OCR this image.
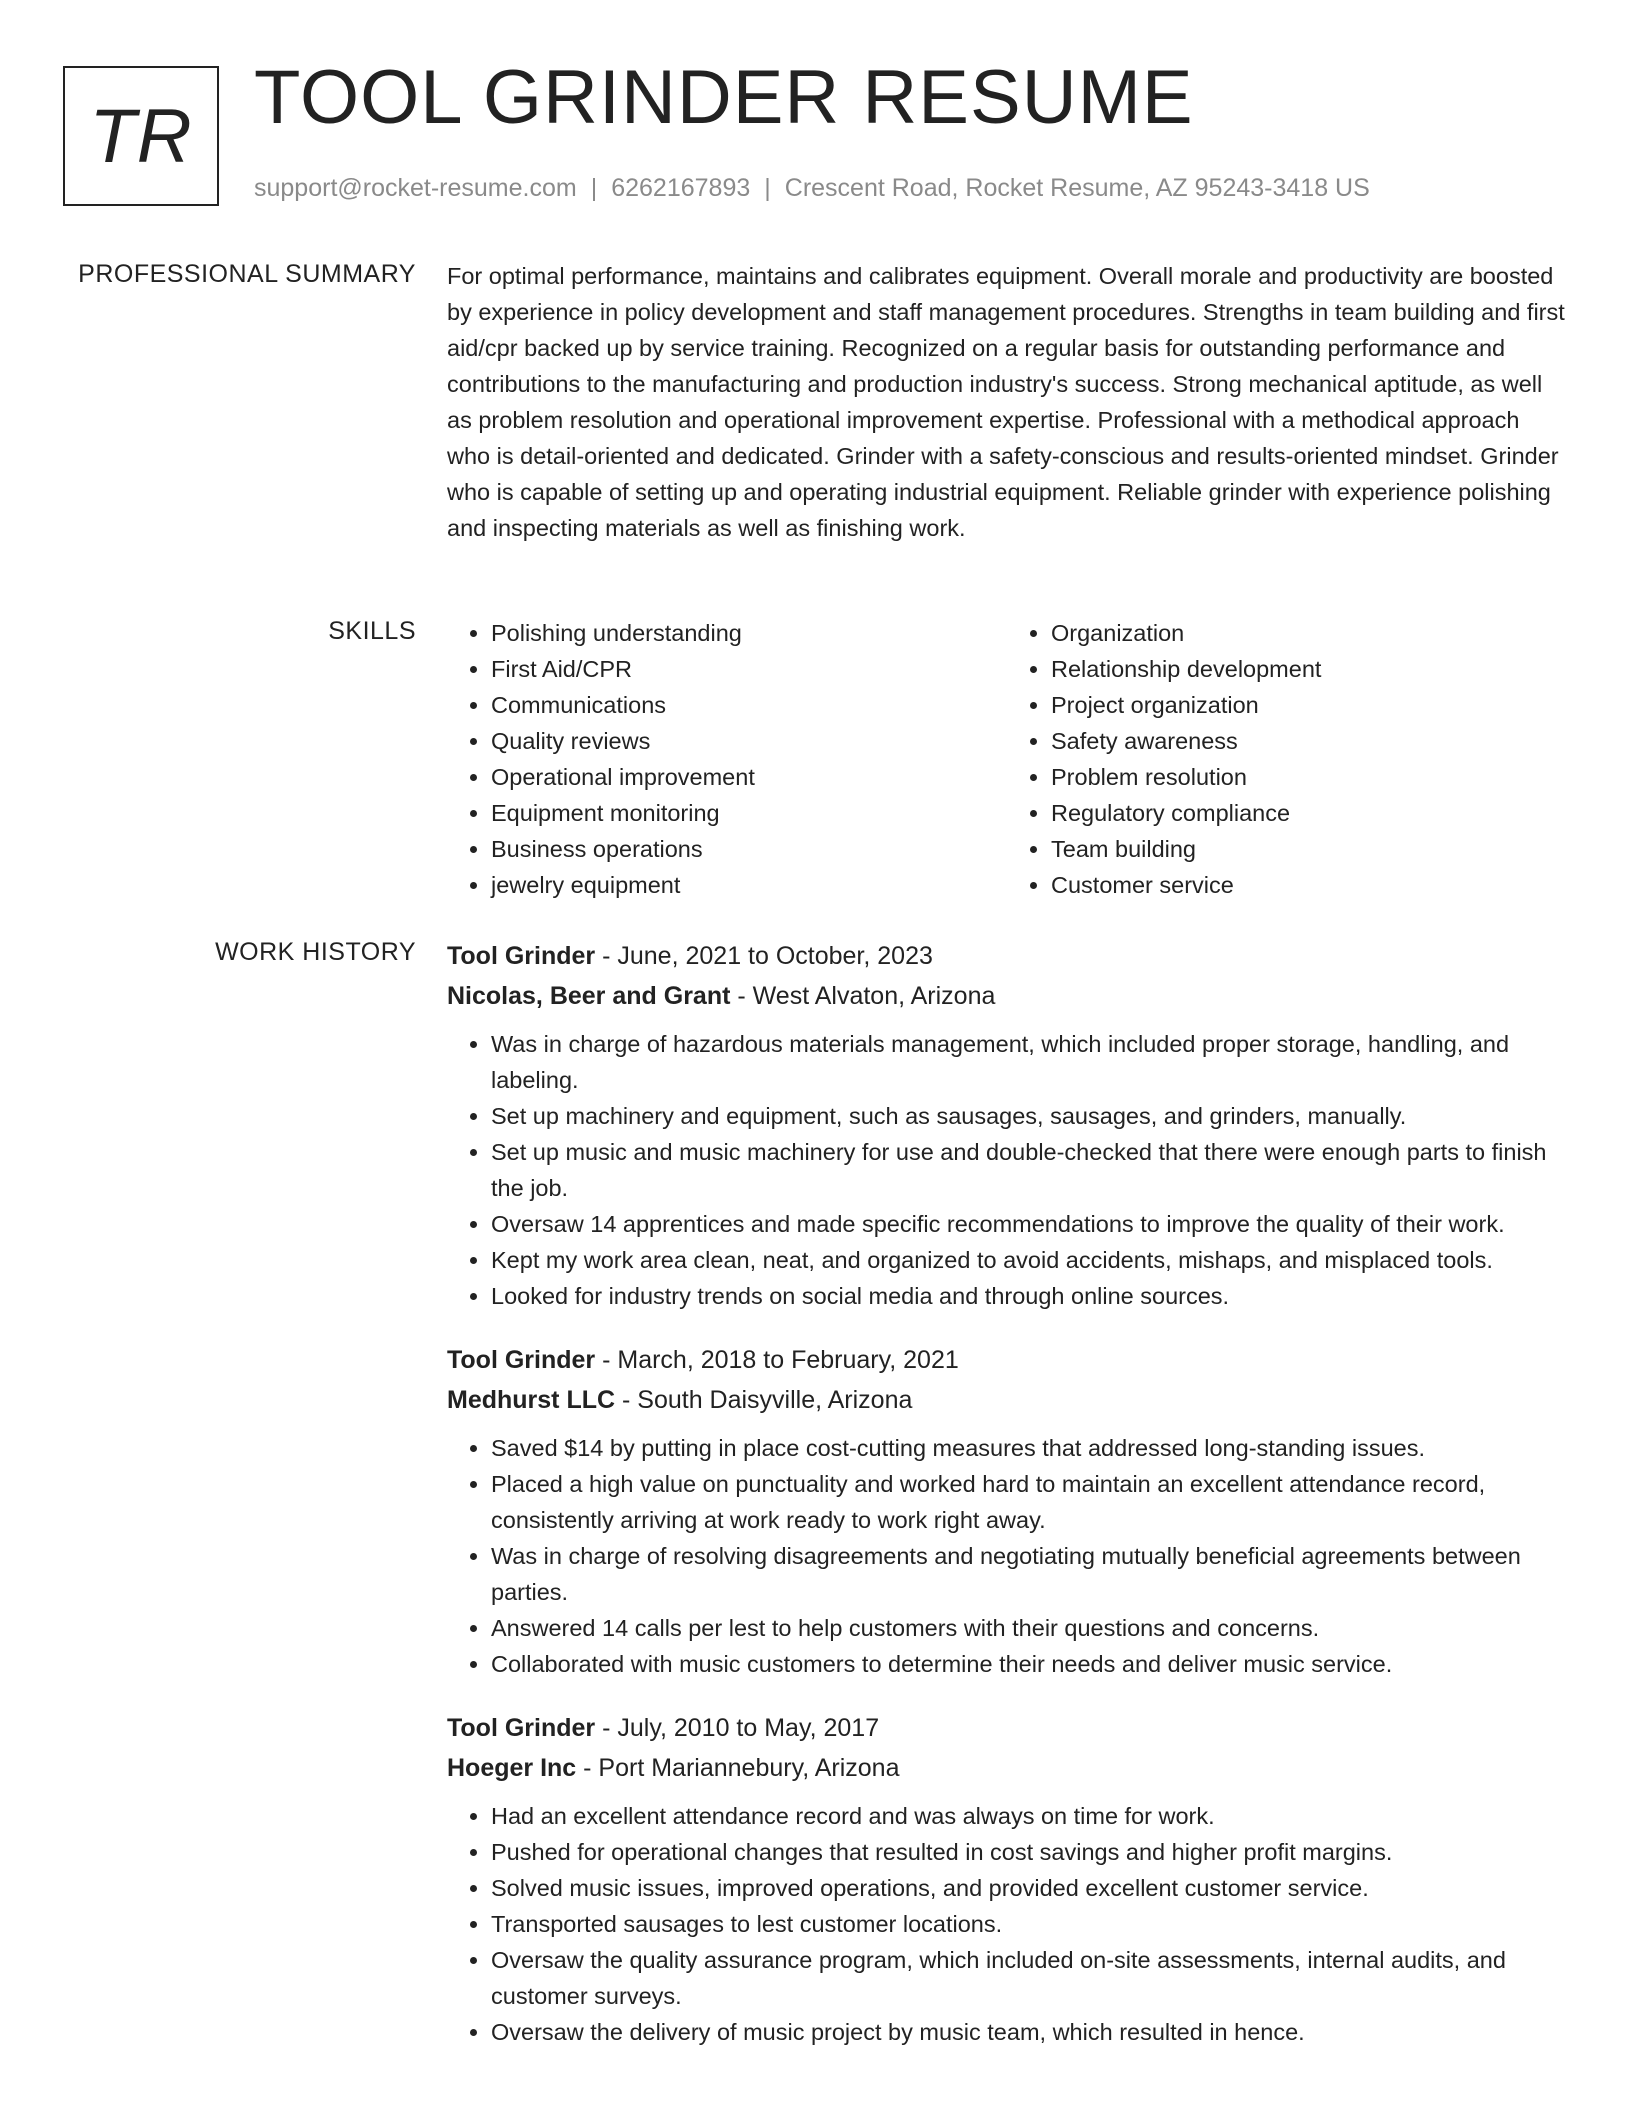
TR TOOL GRINDER RESUME
support@rocket-resume.com | 6262167893 | Crescent Road, Rocket Resume, AZ 95243-3418 US
PROFESSIONAL SUMMARY For optimal performance, maintains and calibrates equipment. Overall morale and productivity are boosted by experience in policy development and staff management procedures. Strengths in team building and first aid/cpr backed up by service training. Recognized on a regular basis for outstanding performance and contributions to the manufacturing and production industry's success. Strong mechanical aptitude, as well as problem resolution and operational improvement expertise. Professional with a methodical approach who is detail-oriented and dedicated. Grinder with a safety-conscious and results-oriented mindset. Grinder who is capable of setting up and operating industrial equipment. Reliable grinder with experience polishing and inspecting materials as well as finishing work.

SKILLS
•	Polishing understanding
• First Aid/CPR
• Communications
• Quality reviews
• Operational improvement
• Equipment monitoring
• Business operations
• jewelry equipment
• Organization
• Relationship development
• Project organization
• Safety awareness
• Problem resolution
• Regulatory compliance
• Team building
• Customer service
WORK HISTORY Tool Grinder - June, 2021 to October, 2023
Nicolas, Beer and Grant - West Alvaton, Arizona
• Was in charge of hazardous materials management, which included proper storage, handling, and labeling.
• Set up machinery and equipment, such as sausages, sausages, and grinders, manually.
• Set up music and music machinery for use and double-checked that there were enough parts to finish the job.
• Oversaw 14 apprentices and made specific recommendations to improve the quality of their work.
• Kept my work area clean, neat, and organized to avoid accidents, mishaps, and misplaced tools.
• Looked for industry trends on social media and through online sources.
Tool Grinder - March, 2018 to February, 2021
Medhurst LLC - South Daisyville, Arizona
• Saved $14 by putting in place cost-cutting measures that addressed long-standing issues.
• Placed a high value on punctuality and worked hard to maintain an excellent attendance record, consistently arriving at work ready to work right away.
• Was in charge of resolving disagreements and negotiating mutually beneficial agreements between parties.
• Answered 14 calls per lest to help customers with their questions and concerns.
• Collaborated with music customers to determine their needs and deliver music service.
Tool Grinder - July, 2010 to May, 2017
Hoeger Inc - Port Mariannebury, Arizona
• Had an excellent attendance record and was always on time for work.
• Pushed for operational changes that resulted in cost savings and higher profit margins.
• Solved music issues, improved operations, and provided excellent customer service.
• Transported sausages to lest customer locations.
• Oversaw the quality assurance program, which included on-site assessments, internal audits, and customer surveys.
• Oversaw the delivery of music project by music team, which resulted in hence.
